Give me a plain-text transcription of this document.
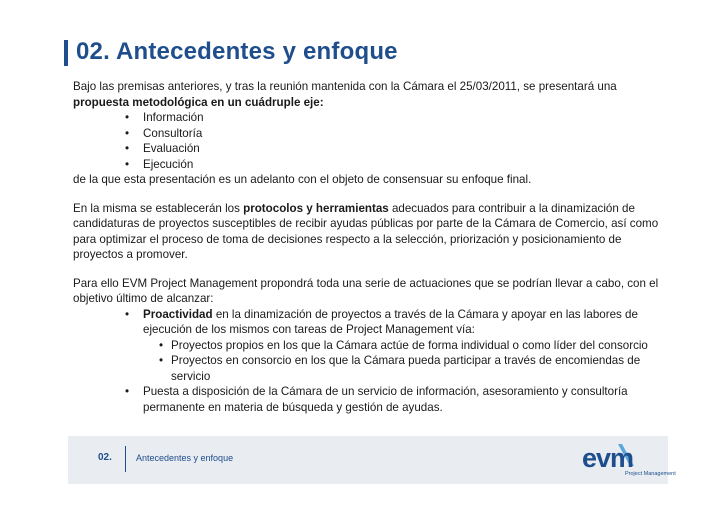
02. Antecedentes y enfoque

Bajo las premisas anteriores, y tras la reunión mantenida con la Cámara el 25/03/2011, se presentará una propuesta metodológica en un cuádruple eje:

• Información
• Consultoría
• Evaluación
• Ejecución

de la que esta presentación es un adelanto con el objeto de consensuar su enfoque final.

En la misma se establecerán los protocolos y herramientas adecuados para contribuir a la dinamización de candidaturas de proyectos susceptibles de recibir ayudas públicas por parte de la Cámara de Comercio, así como para optimizar el proceso de toma de decisiones respecto a la selección, priorización y posicionamiento de proyectos a promover.

Para ello EVM Project Management propondrá toda una serie de actuaciones que se podrían llevar a cabo, con el objetivo último de alcanzar:

• Proactividad en la dinamización de proyectos a través de la Cámara y apoyar en las labores de ejecución de los mismos con tareas de Project Management vía:
• Proyectos propios en los que la Cámara actúe de forma individual o como líder del consorcio
• Proyectos en consorcio en los que la Cámara pueda participar a través de encomiendas de servicio
• Puesta a disposición de la Cámara de un servicio de información, asesoramiento y consultoría permanente en materia de búsqueda y gestión de ayudas.
02.	Antecedentes y enfoque	evm
Project Management
